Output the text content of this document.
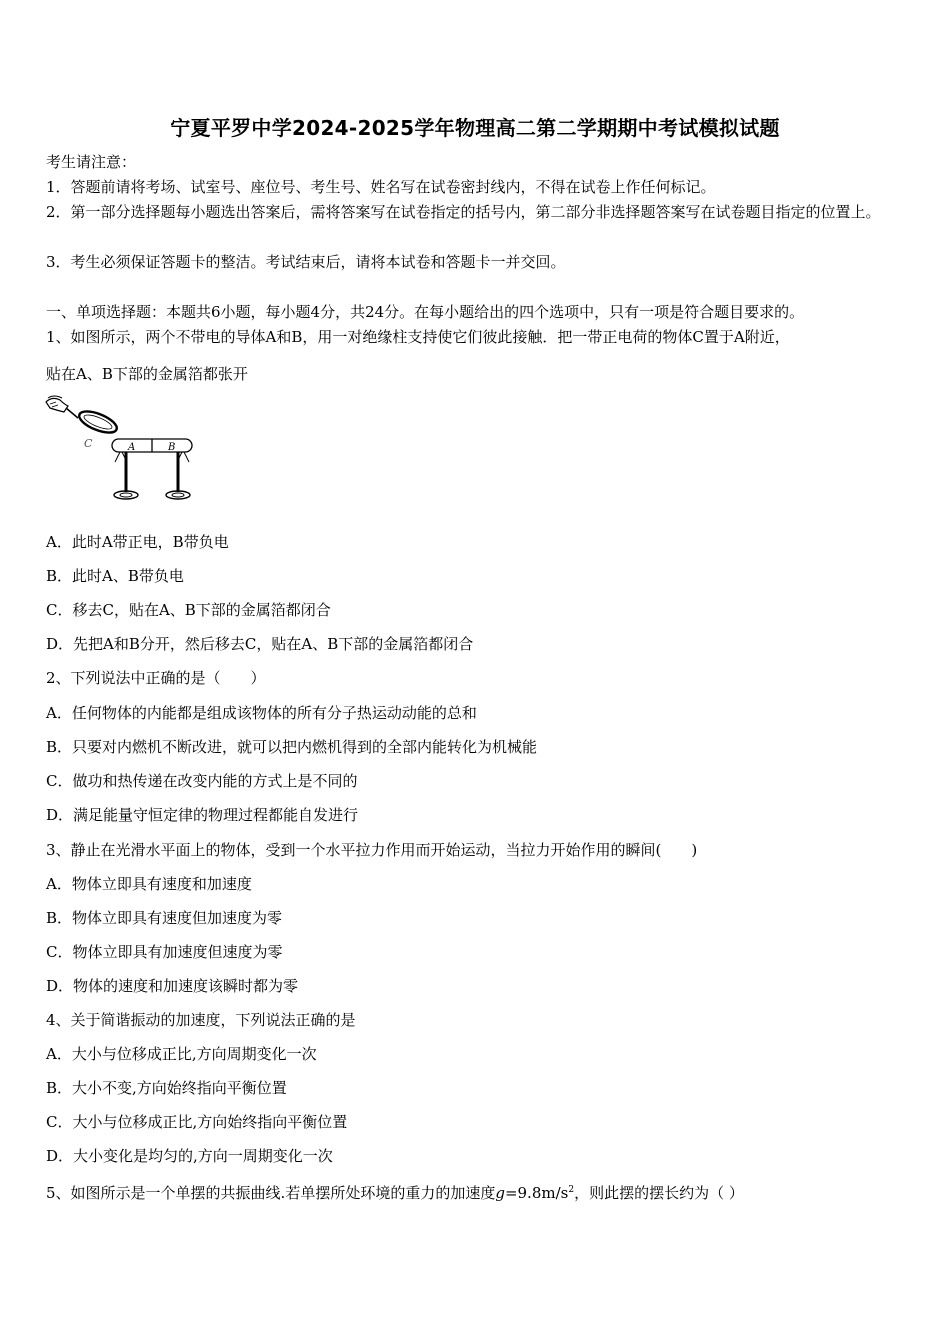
宁夏平罗中学2024-2025学年物理高二第二学期期中考试模拟试题
考生请注意：
1．答题前请将考场、试室号、座位号、考生号、姓名写在试卷密封线内，不得在试卷上作任何标记。
2．第一部分选择题每小题选出答案后，需将答案写在试卷指定的括号内，第二部分非选择题答案写在试卷题目指定的位置上。
3．考生必须保证答题卡的整洁。考试结束后，请将本试卷和答题卡一并交回。
一、单项选择题：本题共6小题，每小题4分，共24分。在每小题给出的四个选项中，只有一项是符合题目要求的。
1、如图所示，两个不带电的导体A和B，用一对绝缘柱支持使它们彼此接触．把一带正电荷的物体C置于A附近，
贴在A、B下部的金属箔都张开
C	A	B
A．此时A带正电，B带负电
B．此时A、B带负电
C．移去C，贴在A、B下部的金属箔都闭合
D．先把A和B分开，然后移去C，贴在A、B下部的金属箔都闭合
2、下列说法中正确的是（　　）
A．任何物体的内能都是组成该物体的所有分子热运动动能的总和
B．只要对内燃机不断改进，就可以把内燃机得到的全部内能转化为机械能
C．做功和热传递在改变内能的方式上是不同的
D．满足能量守恒定律的物理过程都能自发进行
3、静止在光滑水平面上的物体，受到一个水平拉力作用而开始运动，当拉力开始作用的瞬间(　　)
A．物体立即具有速度和加速度
B．物体立即具有速度但加速度为零
C．物体立即具有加速度但速度为零
D．物体的速度和加速度该瞬时都为零
4、关于简谐振动的加速度，下列说法正确的是
A．大小与位移成正比,方向周期变化一次
B．大小不变,方向始终指向平衡位置
C．大小与位移成正比,方向始终指向平衡位置
D．大小变化是均匀的,方向一周期变化一次
5、如图所示是一个单摆的共振曲线.若单摆所处环境的重力的加速度$g=9.8m/s^2$，则此摆的摆长约为（ ）
